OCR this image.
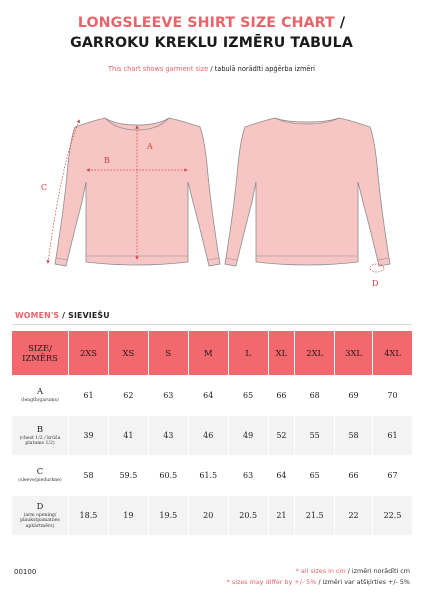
LONGSLEEVE SHIRT SIZE CHART /
GARROKU KREKLU IZMĒRU TABULA
This chart shows garment size / tabulā norādīti apģērba izmēri
A
B
C
D
WOMEN'S / SIEVIEŠU
SIZE/
IZMĒRS	2XS	XS	S	M	L	XL	2XL	3XL	4XL
A
(length/garums)	61	62	63	64	65	66	68	69	70
B
(chest 1/2 / krūšu platums 1/2)	39	41	43	46	49	52	55	58	61
C
(sleeve/piedurkne)	58	59.5	60.5	61.5	63	64	65	66	67
D
(arm opening/ plaukstpamatnes apkārtmērs)	18.5	19	19.5	20	20.5	21	21.5	22	22.5
00100	* all sizes in cm / izmēri norādīti cm
* sizes may differ by +/- 5% / izmēri var atšķirties +/- 5%
